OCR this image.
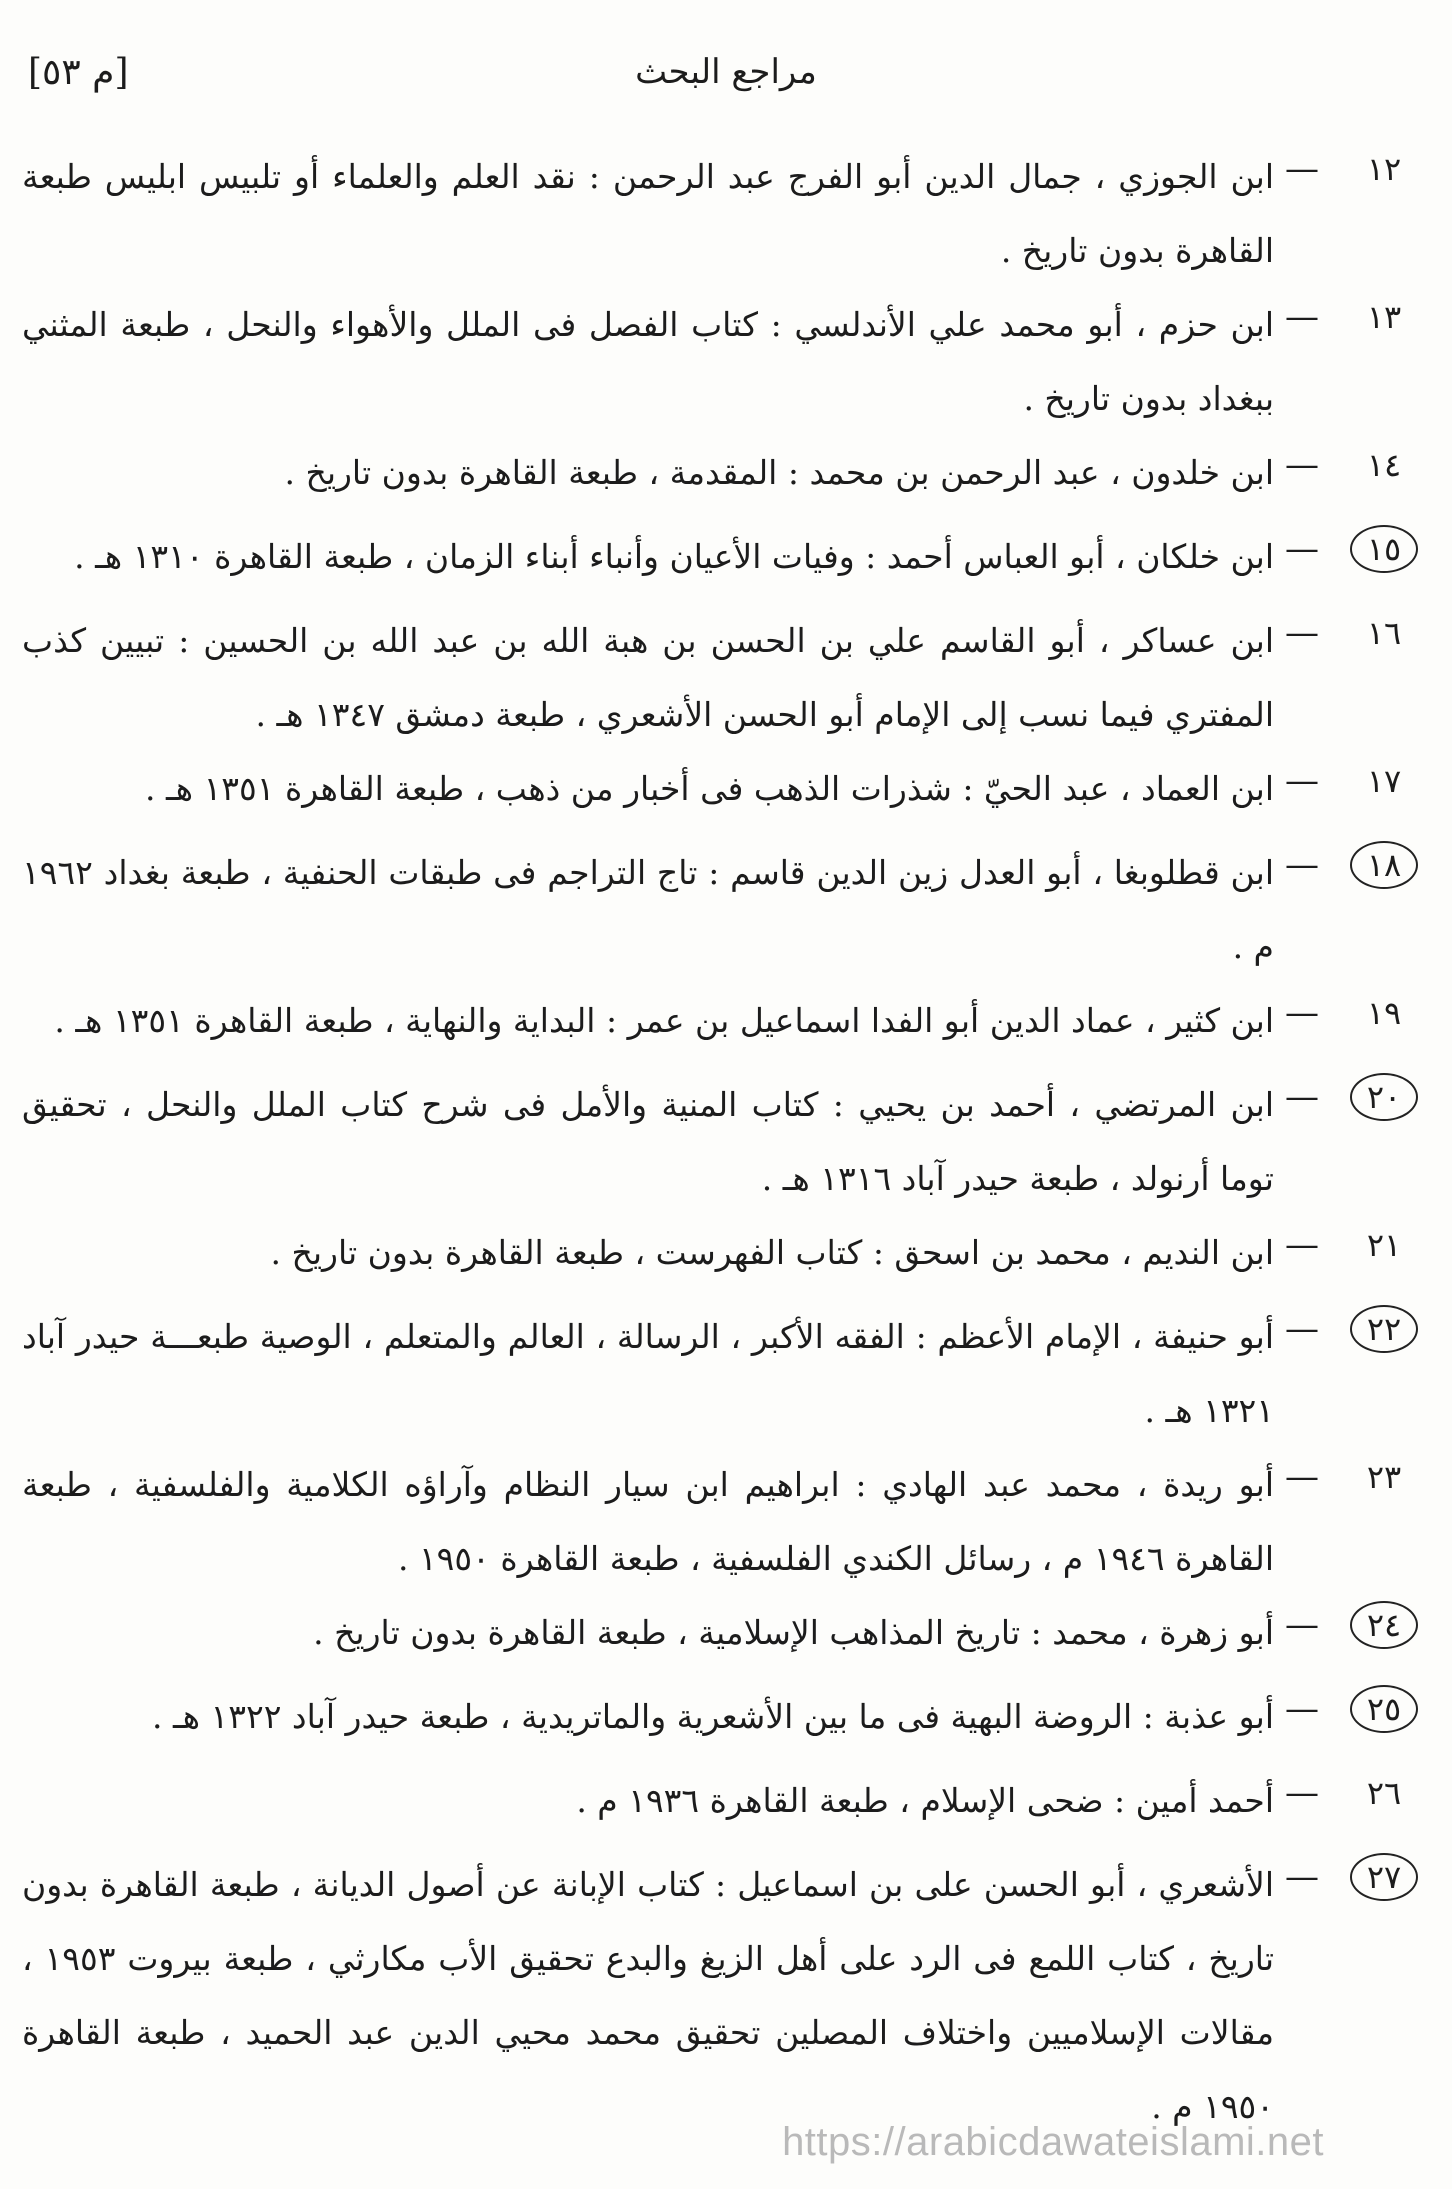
مراجع البحث
[م ٥٣]
١٢
—
ابن الجوزي ، جمال الدين أبو الفرج عبد الرحمن : نقد العلم والعلماء أو تلبيس ابليس طبعة القاهرة بدون تاريخ .
١٣
—
ابن حزم ، أبو محمد علي الأندلسي : كتاب الفصل فى الملل والأهواء والنحل ، طبعة المثني ببغداد بدون تاريخ .
١٤
—
ابن خلدون ، عبد الرحمن بن محمد : المقدمة ، طبعة القاهرة بدون تاريخ .
١٥
—
ابن خلكان ، أبو العباس أحمد : وفيات الأعيان وأنباء أبناء الزمان ، طبعة القاهرة ١٣١٠ هـ .
١٦
—
ابن عساكر ، أبو القاسم علي بن الحسن بن هبة الله بن عبد الله بن الحسين : تبيين كذب المفتري فيما نسب إلى الإمام أبو الحسن الأشعري ، طبعة دمشق ١٣٤٧ هـ .
١٧
—
ابن العماد ، عبد الحيّ : شذرات الذهب فى أخبار من ذهب ، طبعة القاهرة ١٣٥١ هـ .
١٨
—
ابن قطلوبغا ، أبو العدل زين الدين قاسم : تاج التراجم فى طبقات الحنفية ، طبعة بغداد ١٩٦٢ م .
١٩
—
ابن كثير ، عماد الدين أبو الفدا اسماعيل بن عمر : البداية والنهاية ، طبعة القاهرة ١٣٥١ هـ .
٢٠
—
ابن المرتضي ، أحمد بن يحيي : كتاب المنية والأمل فى شرح كتاب الملل والنحل ، تحقيق توما أرنولد ، طبعة حيدر آباد ١٣١٦ هـ .
٢١
—
ابن النديم ، محمد بن اسحق : كتاب الفهرست ، طبعة القاهرة بدون تاريخ .
٢٢
—
أبو حنيفة ، الإمام الأعظم : الفقه الأكبر ، الرسالة ، العالم والمتعلم ، الوصية طبعـــة حيدر آباد ١٣٢١ هـ .
٢٣
—
أبو ريدة ، محمد عبد الهادي : ابراهيم ابن سيار النظام وآراؤه الكلامية والفلسفية ، طبعة القاهرة ١٩٤٦ م ، رسائل الكندي الفلسفية ، طبعة القاهرة ١٩٥٠ .
٢٤
—
أبو زهرة ، محمد : تاريخ المذاهب الإسلامية ، طبعة القاهرة بدون تاريخ .
٢٥
—
أبو عذبة : الروضة البهية فى ما بين الأشعرية والماتريدية ، طبعة حيدر آباد ١٣٢٢ هـ .
٢٦
—
أحمد أمين : ضحى الإسلام ، طبعة القاهرة ١٩٣٦ م .
٢٧
—
الأشعري ، أبو الحسن على بن اسماعيل : كتاب الإبانة عن أصول الديانة ، طبعة القاهرة بدون تاريخ ، كتاب اللمع فى الرد على أهل الزيغ والبدع تحقيق الأب مكارثي ، طبعة بيروت ١٩٥٣ ، مقالات الإسلاميين واختلاف المصلين تحقيق محمد محيي الدين عبد الحميد ، طبعة القاهرة ١٩٥٠ م .
https://arabicdawateislami.net
